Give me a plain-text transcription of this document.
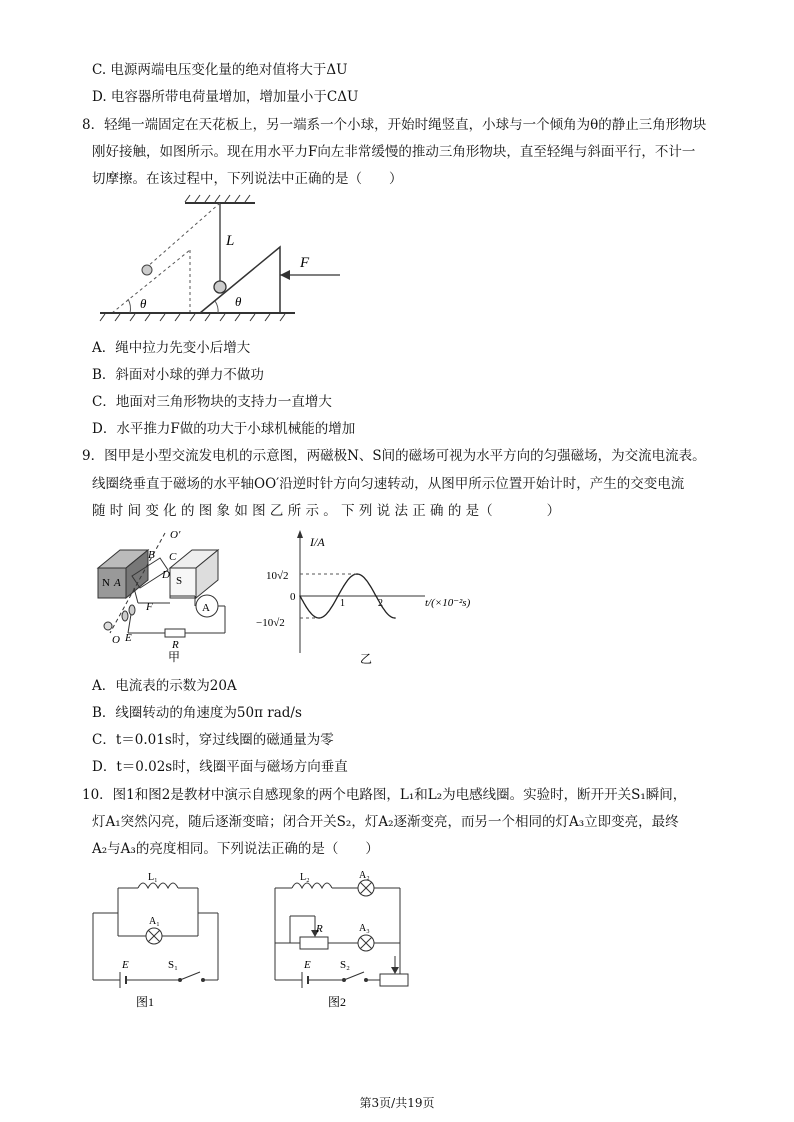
C. 电源两端电压变化量的绝对值将大于ΔU
D. 电容器所带电荷量增加，增加量小于CΔU
8．轻绳一端固定在天花板上，另一端系一个小球，开始时绳竖直，小球与一个倾角为θ的静止三角形物块
刚好接触，如图所示。现在用水平力F向左非常缓慢的推动三角形物块，直至轻绳与斜面平行，不计一
切摩擦。在该过程中，下列说法中正确的是（　　）
L
F
θ	θ
A．绳中拉力先变小后增大
B．斜面对小球的弹力不做功
C．地面对三角形物块的支持力一直增大
D．水平推力F做的功大于小球机械能的增加
9．图甲是小型交流发电机的示意图，两磁极N、S间的磁场可视为水平方向的匀强磁场，为交流电流表。
线圈绕垂直于磁场的水平轴OO′沿逆时针方向匀速转动，从图甲所示位置开始计时，产生的交变电流
随 时 间 变 化 的 图 象 如 图 乙 所 示 。 下 列 说 法 正 确 的 是（　　　　）
A
N A
B C
D S
F
E
R
O
O′
甲
I/A
10√2
0
−10√2
t/(×10⁻²s)
1	2
乙
A．电流表的示数为20A
B．线圈转动的角速度为50π rad/s
C．t＝0.01s时，穿过线圈的磁通量为零
D．t＝0.02s时，线圈平面与磁场方向垂直
10．图1和图2是教材中演示自感现象的两个电路图，L₁和L₂为电感线圈。实验时，断开开关S₁瞬间，
灯A₁突然闪亮，随后逐渐变暗；闭合开关S₂，灯A₂逐渐变亮，而另一个相同的灯A₃立即变亮，最终
A₂与A₃的亮度相同。下列说法正确的是（　　）
L₁
A₁
E	S₁
图1
L₂	A₂
R	A₃
E	S₂
图2
第3页/共19页
